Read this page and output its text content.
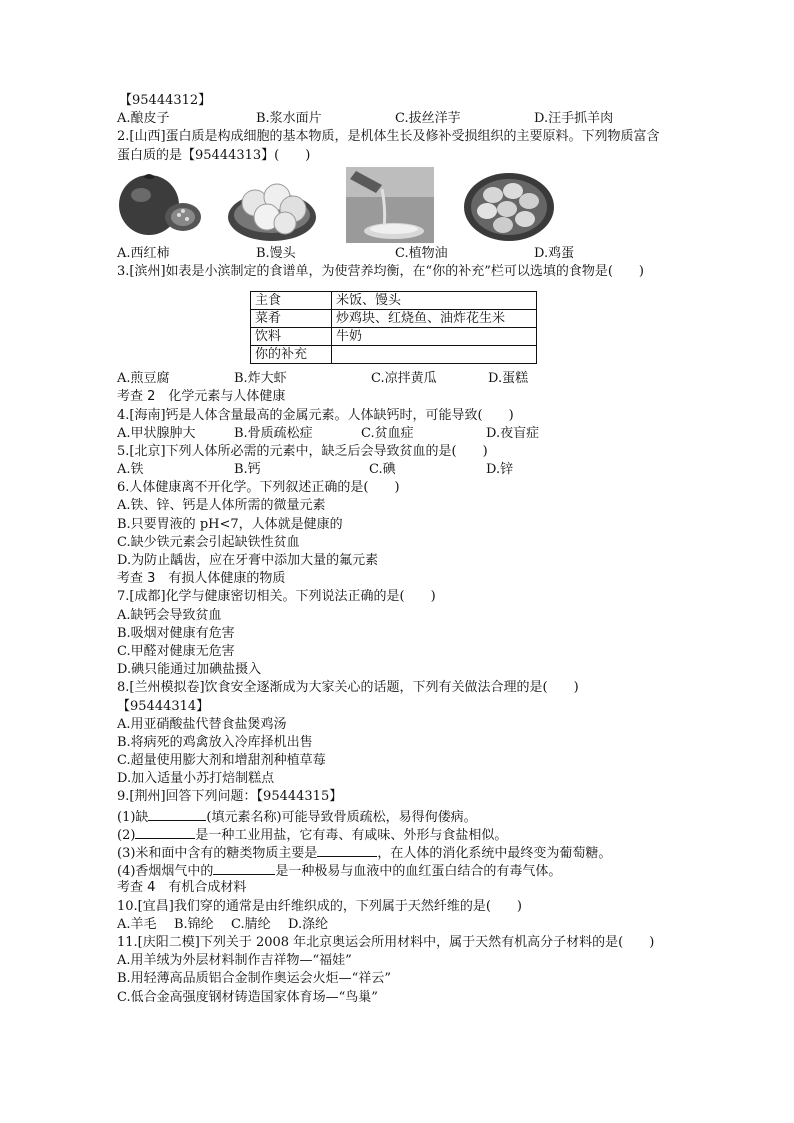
【95444312】
A.酿皮子	B.浆水面片	C.拔丝洋芋	D.汪手抓羊肉
2.[山西]蛋白质是构成细胞的基本物质，是机体生长及修补受损组织的主要原料。下列物质富含
蛋白质的是【95444313】(　　)
A.西红柿	B.馒头	C.植物油	D.鸡蛋
3.[滨州]如表是小滨制定的食谱单，为使营养均衡，在“你的补充”栏可以选填的食物是(　　)
主食	米饭、馒头
菜肴	炒鸡块、红烧鱼、油炸花生米
饮料	牛奶
你的补充	
A.煎豆腐	B.炸大虾	C.凉拌黄瓜	D.蛋糕
考查 2　化学元素与人体健康
4.[海南]钙是人体含量最高的金属元素。人体缺钙时，可能导致(　　)
A.甲状腺肿大	B.骨质疏松症	C.贫血症	D.夜盲症
5.[北京]下列人体所必需的元素中，缺乏后会导致贫血的是(　　)
A.铁	B.钙	C.碘	D.锌
6.人体健康离不开化学。下列叙述正确的是(　　)
A.铁、锌、钙是人体所需的微量元素
B.只要胃液的 pH<7，人体就是健康的
C.缺少铁元素会引起缺铁性贫血
D.为防止龋齿，应在牙膏中添加大量的氟元素
考查 3　有损人体健康的物质
7.[成都]化学与健康密切相关。下列说法正确的是(　　)
A.缺钙会导致贫血
B.吸烟对健康有危害
C.甲醛对健康无危害
D.碘只能通过加碘盐摄入
8.[兰州模拟卷]饮食安全逐渐成为大家关心的话题，下列有关做法合理的是(　　)
【95444314】
A.用亚硝酸盐代替食盐煲鸡汤
B.将病死的鸡禽放入冷库择机出售
C.超量使用膨大剂和增甜剂种植草莓
D.加入适量小苏打焙制糕点
9.[荆州]回答下列问题：【95444315】
(1)缺	(填元素名称)可能导致骨质疏松，易得佝偻病。
(2)	是一种工业用盐，它有毒、有咸味、外形与食盐相似。
(3)米和面中含有的糖类物质主要是	，在人体的消化系统中最终变为葡萄糖。
(4)香烟烟气中的	是一种极易与血液中的血红蛋白结合的有毒气体。
考查 4　有机合成材料
10.[宜昌]我们穿的通常是由纤维织成的，下列属于天然纤维的是(　　)
A.羊毛	B.锦纶	C.腈纶	D.涤纶
11.[庆阳二模]下列关于 2008 年北京奥运会所用材料中，属于天然有机高分子材料的是(　　)
A.用羊绒为外层材料制作吉祥物—“福娃”
B.用轻薄高品质铝合金制作奥运会火炬—“祥云”
C.低合金高强度钢材铸造国家体育场—“鸟巢”
